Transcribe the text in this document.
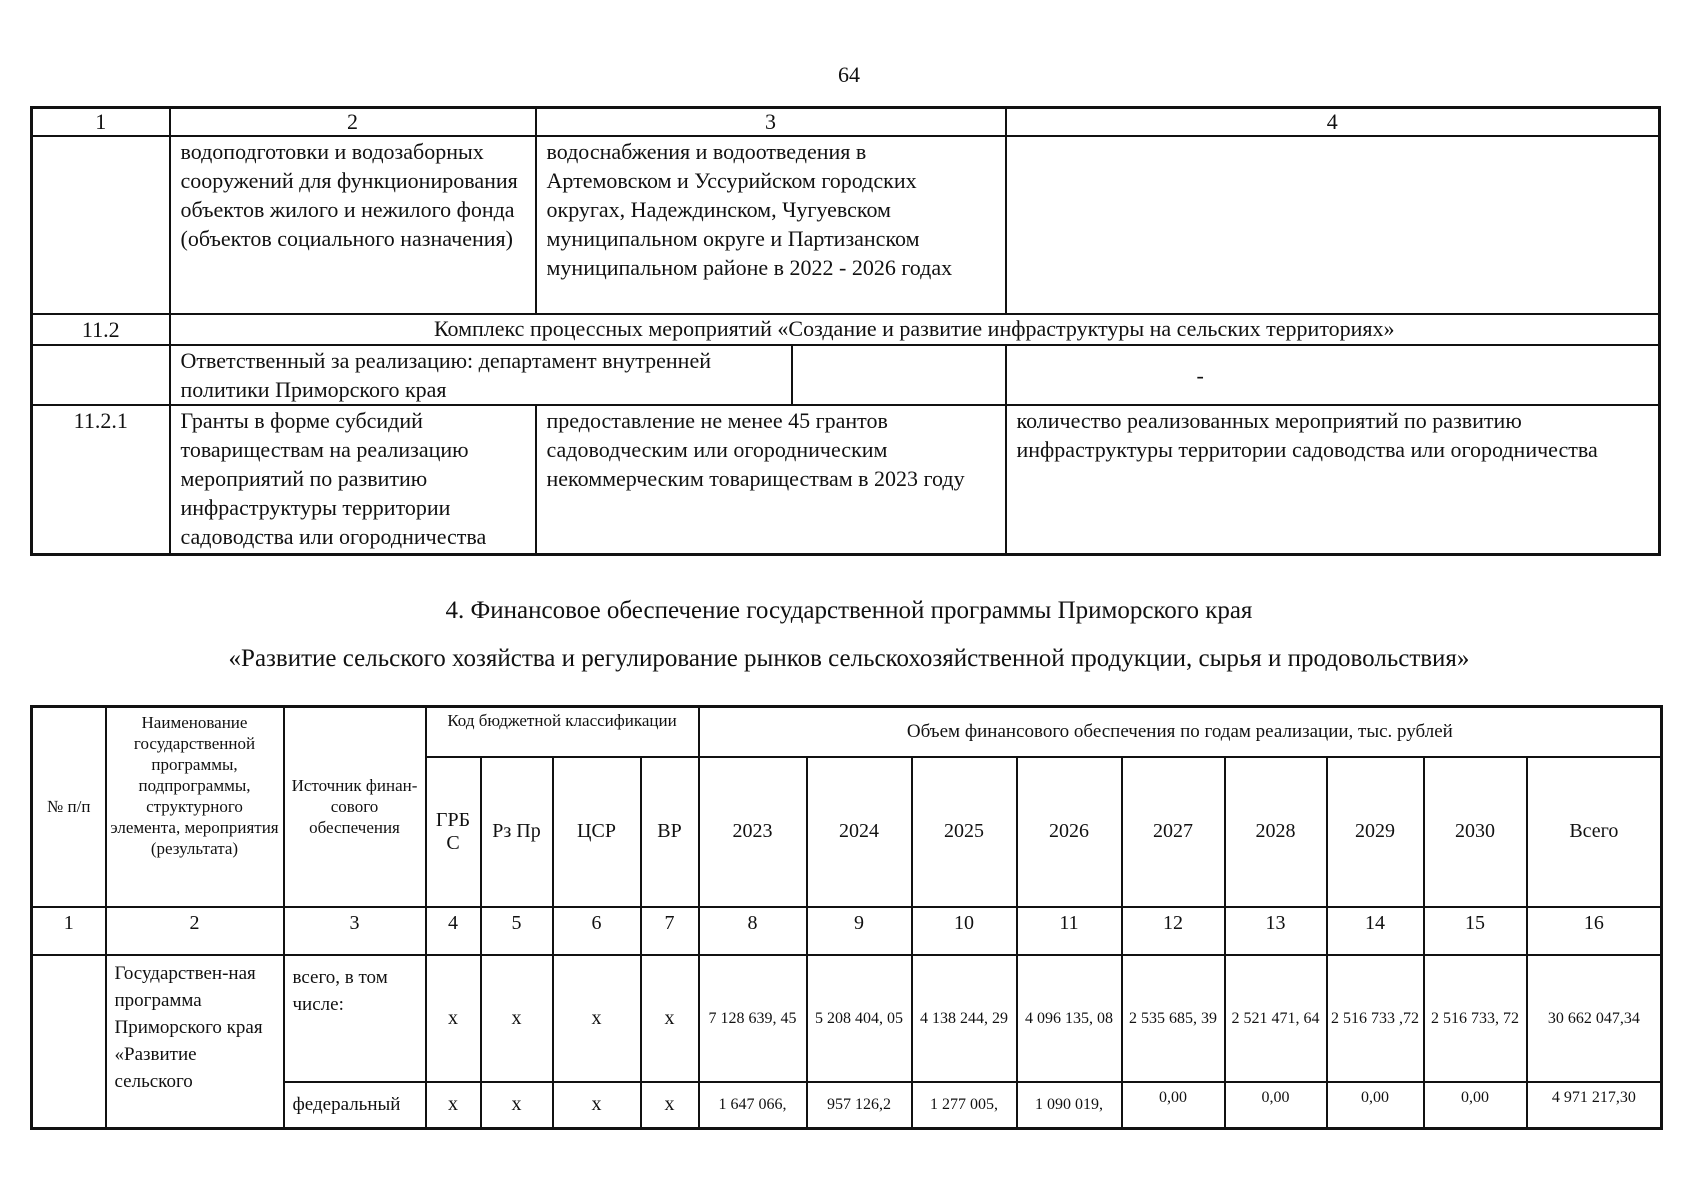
64
1	2	3	4
	водоподготовки и водозаборных сооружений для функционирования объектов жилого и нежилого фонда (объектов социального назначения)	водоснабжения и водоотведения в Артемовском и Уссурийском городских округах, Надеждинском, Чугуевском муниципальном округе и Партизанском муниципальном районе в 2022 - 2026 годах	
11.2	Комплекс процессных мероприятий «Создание и развитие инфраструктуры на сельских территориях»		

	Ответственный за реализацию: департамент внутренней политики Приморского края		-
11.2.1	Гранты в форме субсидий товариществам на реализацию мероприятий по развитию инфраструктуры территории садоводства или огородничества	предоставление не менее 45 грантов садоводческим или огородническим некоммерческим товариществам в 2023 году	количество реализованных мероприятий по развитию инфраструктуры территории садоводства или огородничества
4. Финансовое обеспечение государственной программы Приморского края
«Развитие сельского хозяйства и регулирование рынков сельскохозяйственной продукции, сырья и продовольствия»
№ п/п	Наименование государственной программы, подпрограммы, структурного элемента, мероприятия (результата)	Источник финан-сового обеспечения	Код бюджетной классификации				Объем финансового обеспечения по годам реализации, тыс. рублей								
			ГРБ С	Рз Пр	ЦСР	ВР	2023	2024	2025	2026	2027	2028	2029	2030	Всего
1	2	3	4	5	6	7	8	9	10	11	12	13	14	15	16
	Государствен-ная программа Приморского края «Развитие сельского	всего, в том числе:	х	х	х	х	7 128 639, 45	5 208 404, 05	4 138 244, 29	4 096 135, 08	2 535 685, 39	2 521 471, 64	2 516 733 ,72	2 516 733, 72	30 662 047,34
		федеральный	х	х	х	х	1 647 066,	957 126,2	1 277 005,	1 090 019,	0,00	0,00	0,00	0,00	4 971 217,30
